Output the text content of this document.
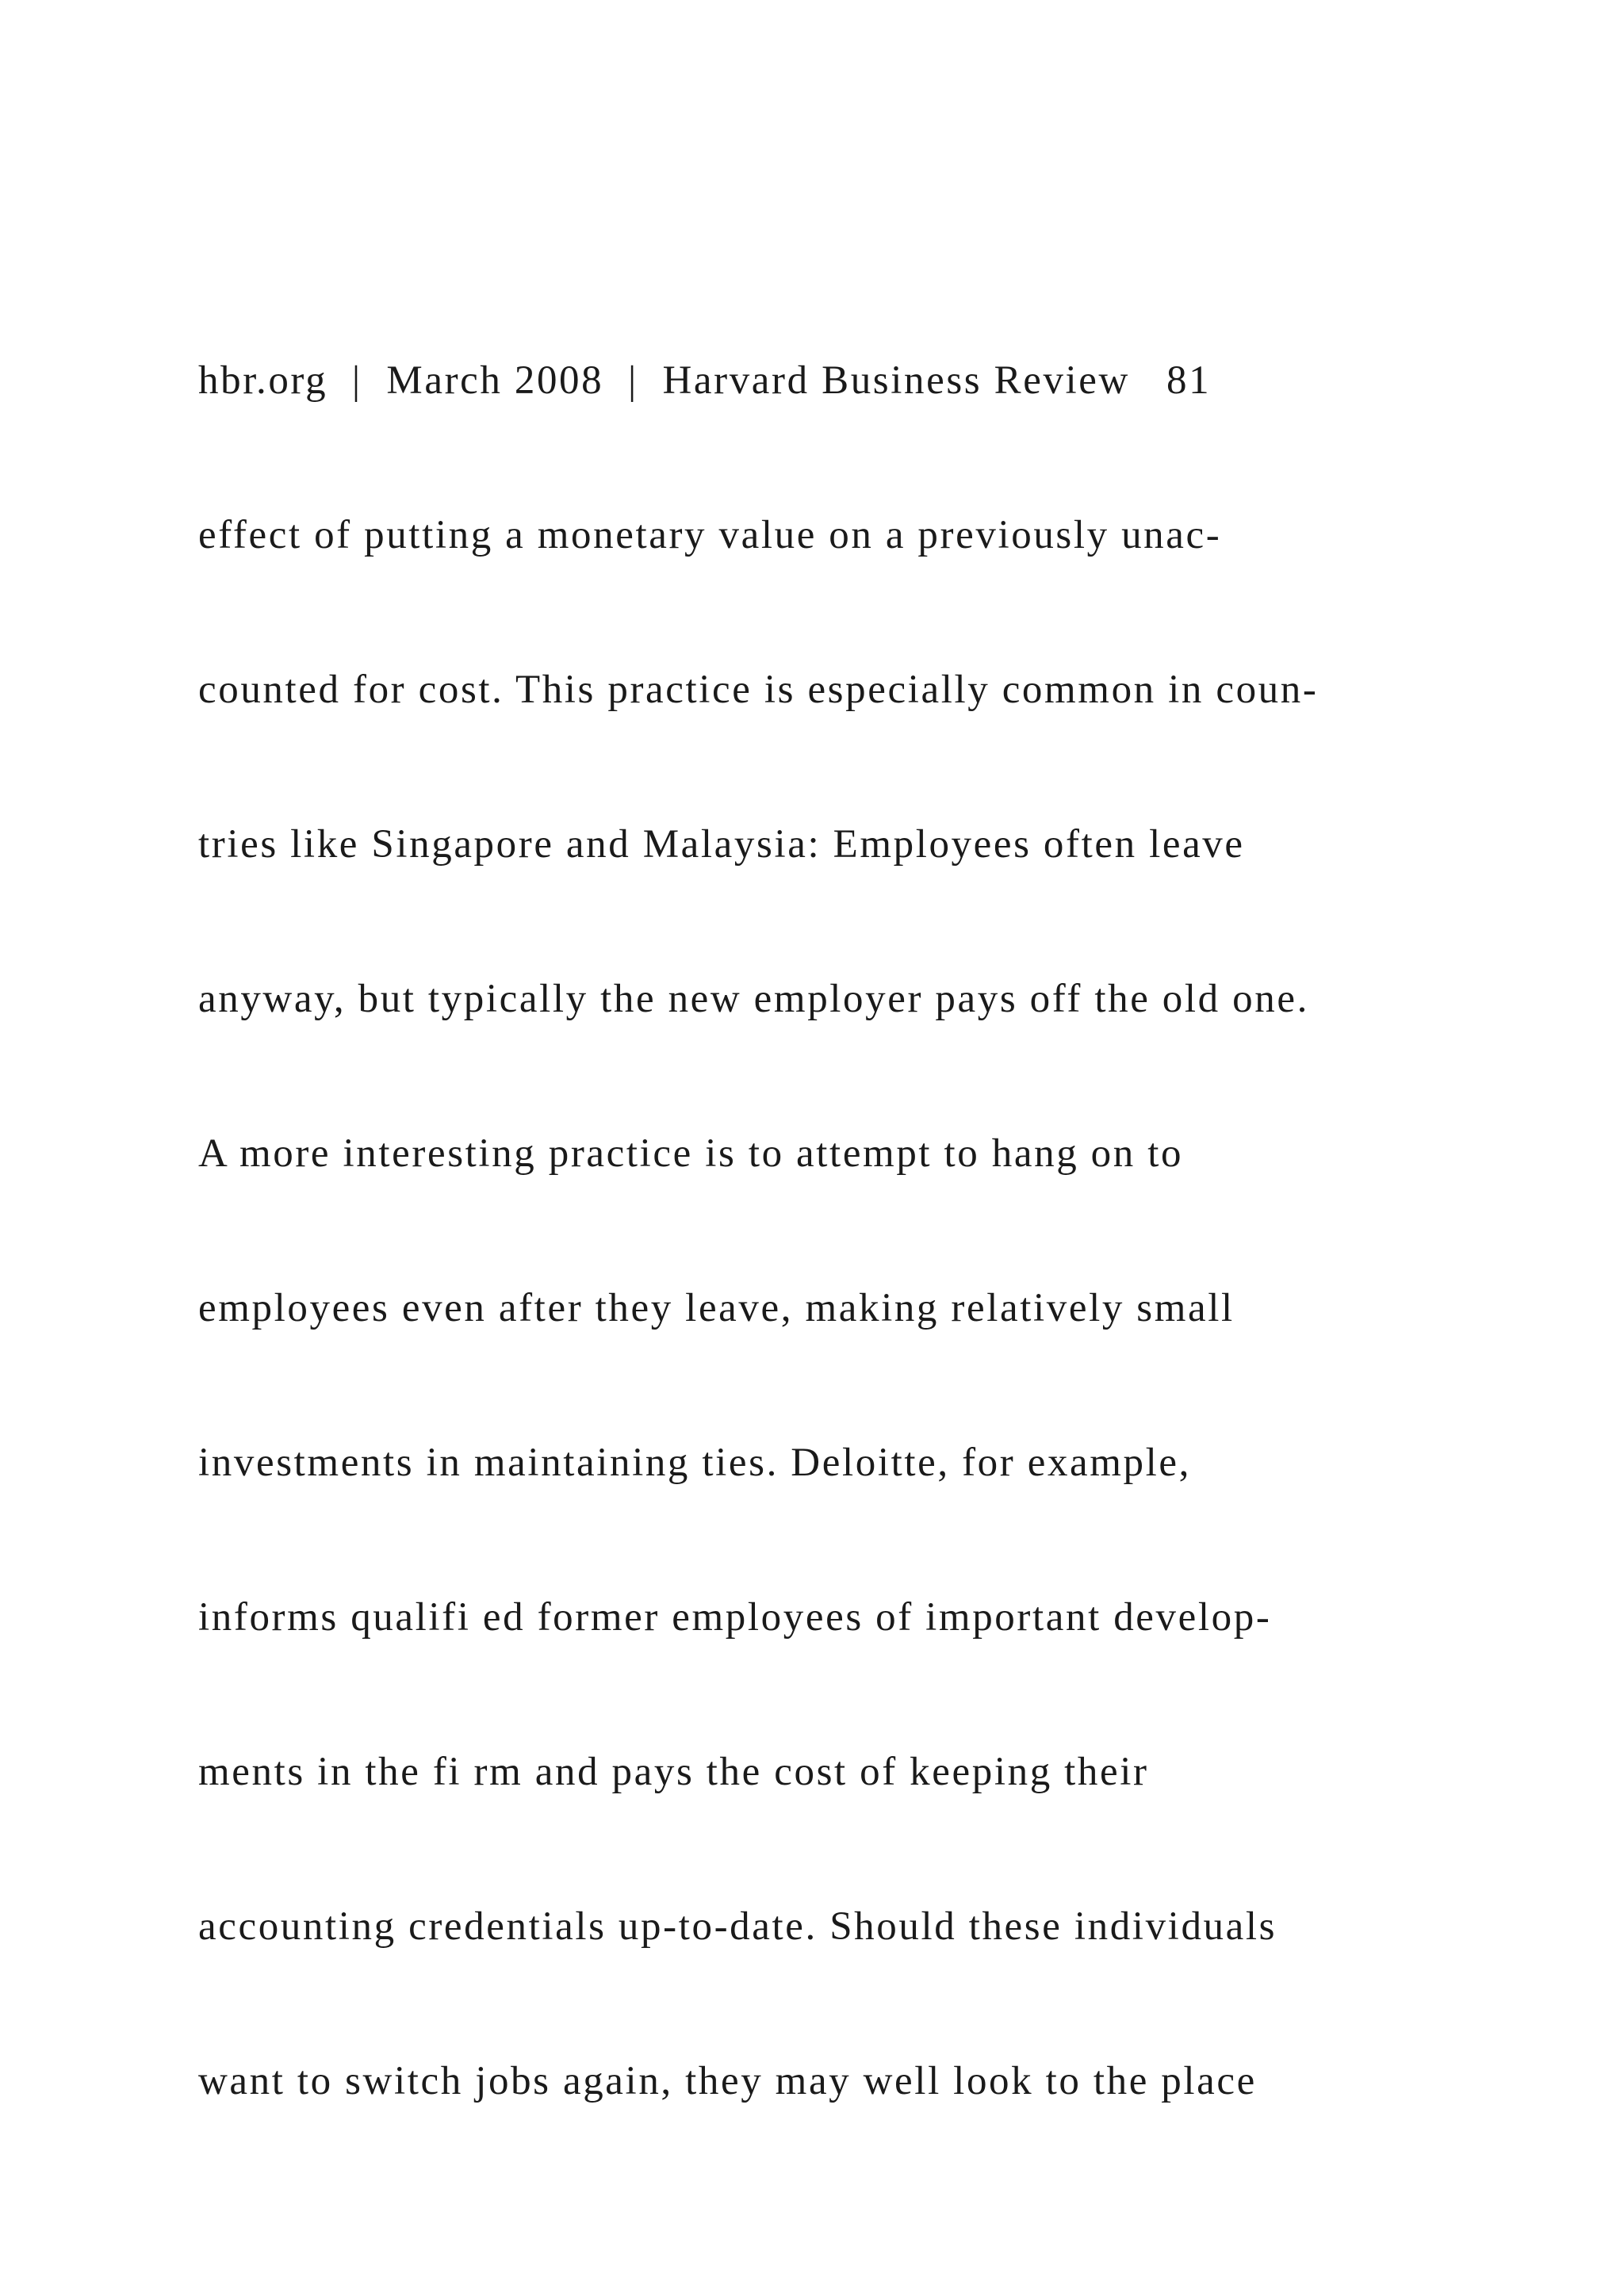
hbr.org  |  March 2008  |  Harvard Business Review   81

effect of putting a monetary value on a previously unac-

counted for cost. This practice is especially common in coun-

tries like Singapore and Malaysia: Employees often leave

anyway, but typically the new employer pays off the old one.

A more interesting practice is to attempt to hang on to

employees even after they leave, making relatively small

investments in maintaining ties. Deloitte, for example,

informs qualifi ed former employees of important develop-

ments in the fi rm and pays the cost of keeping their

accounting credentials up-to-date. Should these individuals

want to switch jobs again, they may well look to the place
